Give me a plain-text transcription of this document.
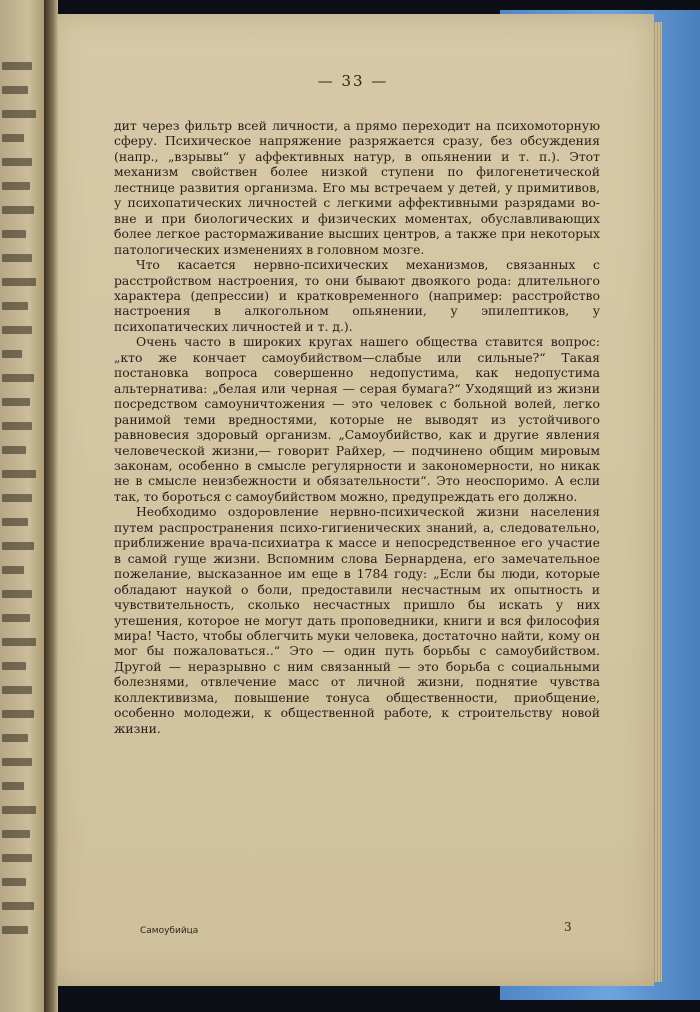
— 33 —

дит через фильтр всей личности, а прямо переходит на психомоторную сферу. Психическое напряжение разряжается сразу, без обсуждения (напр., „взрывы“ у аффективных натур, в опьянении и т. п.). Этот механизм свойствен более низкой ступени по филогенетической лестнице развития организма. Его мы встречаем у детей, у примитивов, у психопатических личностей с легкими аффективными разрядами во-вне и при биологических и физических моментах, обуславливающих более легкое растормаживание высших центров, а также при некоторых патологических изменениях в головном мозге.

Что касается нервно-психических механизмов, связанных с расстройством настроения, то они бывают двоякого рода: длительного характера (депрессии) и кратковременного (например: расстройство настроения в алкогольном опьянении, у эпилептиков, у психопатических личностей и т. д.).

Очень часто в широких кругах нашего общества ставится вопрос: „кто же кончает самоубийством—слабые или сильные?“ Такая постановка вопроса совершенно недопустима, как недопустима альтернатива: „белая или черная — серая бумага?“ Уходящий из жизни посредством самоуничтожения — это человек с больной волей, легко ранимой теми вредностями, которые не выводят из устойчивого равновесия здоровый организм. „Самоубийство, как и другие явления человеческой жизни,— говорит Райхер, — подчинено общим мировым законам, особенно в смысле регулярности и закономерности, но никак не в смысле неизбежности и обязательности“. Это неоспоримо. А если так, то бороться с самоубийством можно, предупреждать его должно.

Необходимо оздоровление нервно-психической жизни населения путем распространения психо-гигиенических знаний, а, следовательно, приближение врача-психиатра к массе и непосредственное его участие в самой гуще жизни. Вспомним слова Бернардена, его замечательное пожелание, высказанное им еще в 1784 году: „Если бы люди, которые обладают наукой о боли, предоставили несчастным их опытность и чувствительность, сколько несчастных пришло бы искать у них утешения, которое не могут дать проповедники, книги и вся философия мира! Часто, чтобы облегчить муки человека, достаточно найти, кому он мог бы пожаловаться..“ Это — один путь борьбы с самоубийством. Другой — неразрывно с ним связанный — это борьба с социальными болезнями, отвлечение масс от личной жизни, поднятие чувства коллективизма, повышение тонуса общественности, приобщение, особенно молодежи, к общественной работе, к строительству новой жизни.

Самоубийца	3
